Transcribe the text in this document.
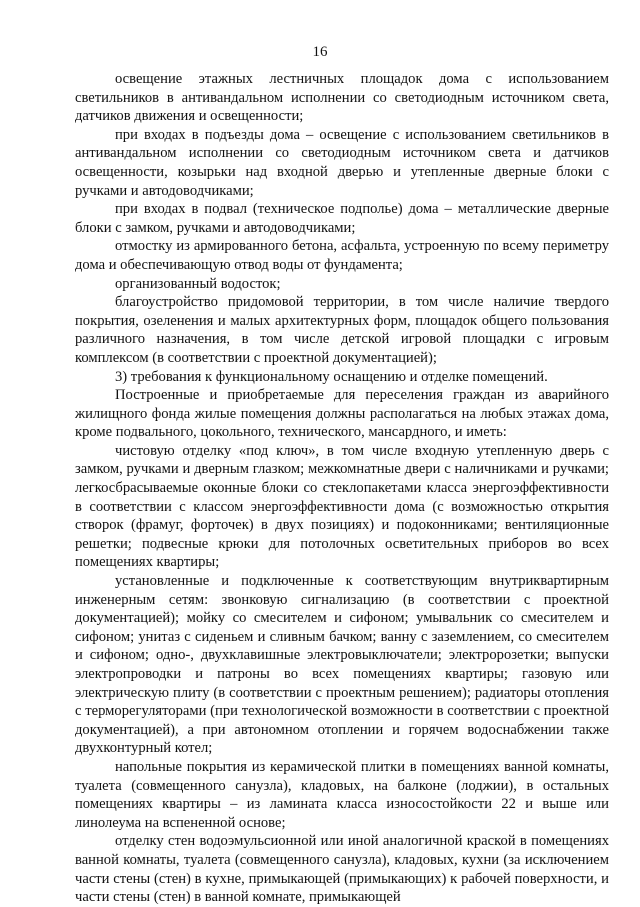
16

освещение этажных лестничных площадок дома с использованием светильников в антивандальном исполнении со светодиодным источником света, датчиков движения и освещенности;

при входах в подъезды дома – освещение с использованием светильников в антивандальном исполнении со светодиодным источником света и датчиков освещенности, козырьки над входной дверью и утепленные дверные блоки с ручками и автодоводчиками;

при входах в подвал (техническое подполье) дома – металлические дверные блоки с замком, ручками и автодоводчиками;

отмостку из армированного бетона, асфальта, устроенную по всему периметру дома и обеспечивающую отвод воды от фундамента;

организованный водосток;

благоустройство придомовой территории, в том числе наличие твердого покрытия, озеленения и малых архитектурных форм, площадок общего пользования различного назначения, в том числе детской игровой площадки с игровым комплексом (в соответствии с проектной документацией);

3) требования к функциональному оснащению и отделке помещений.

Построенные и приобретаемые для переселения граждан из аварийного жилищного фонда жилые помещения должны располагаться на любых этажах дома, кроме подвального, цокольного, технического, мансардного, и иметь:

чистовую отделку «под ключ», в том числе входную утепленную дверь с замком, ручками и дверным глазком; межкомнатные двери с наличниками и ручками; легкосбрасываемые оконные блоки со стеклопакетами класса энергоэффективности в соответствии с классом энергоэффективности дома (с возможностью открытия створок (фрамуг, форточек) в двух позициях) и подоконниками; вентиляционные решетки; подвесные крюки для потолочных осветительных приборов во всех помещениях квартиры;

установленные и подключенные к соответствующим внутриквартирным инженерным сетям: звонковую сигнализацию (в соответствии с проектной документацией); мойку со смесителем и сифоном; умывальник со смесителем и сифоном; унитаз с сиденьем и сливным бачком; ванну с заземлением, со смесителем и сифоном; одно-, двухклавишные электровыключатели; электророзетки; выпуски электропроводки и патроны во всех помещениях квартиры; газовую или электрическую плиту (в соответствии с проектным решением); радиаторы отопления с терморегуляторами (при технологической возможности в соответствии с проектной документацией), а при автономном отоплении и горячем водоснабжении также двухконтурный котел;

напольные покрытия из керамической плитки в помещениях ванной комнаты, туалета (совмещенного санузла), кладовых, на балконе (лоджии), в остальных помещениях квартиры – из ламината класса износостойкости 22 и выше или линолеума на вспененной основе;

отделку стен водоэмульсионной или иной аналогичной краской в помещениях ванной комнаты, туалета (совмещенного санузла), кладовых, кухни (за исключением части стены (стен) в кухне, примыкающей (примыкающих) к рабочей поверхности, и части стены (стен) в ванной комнате, примыкающей
